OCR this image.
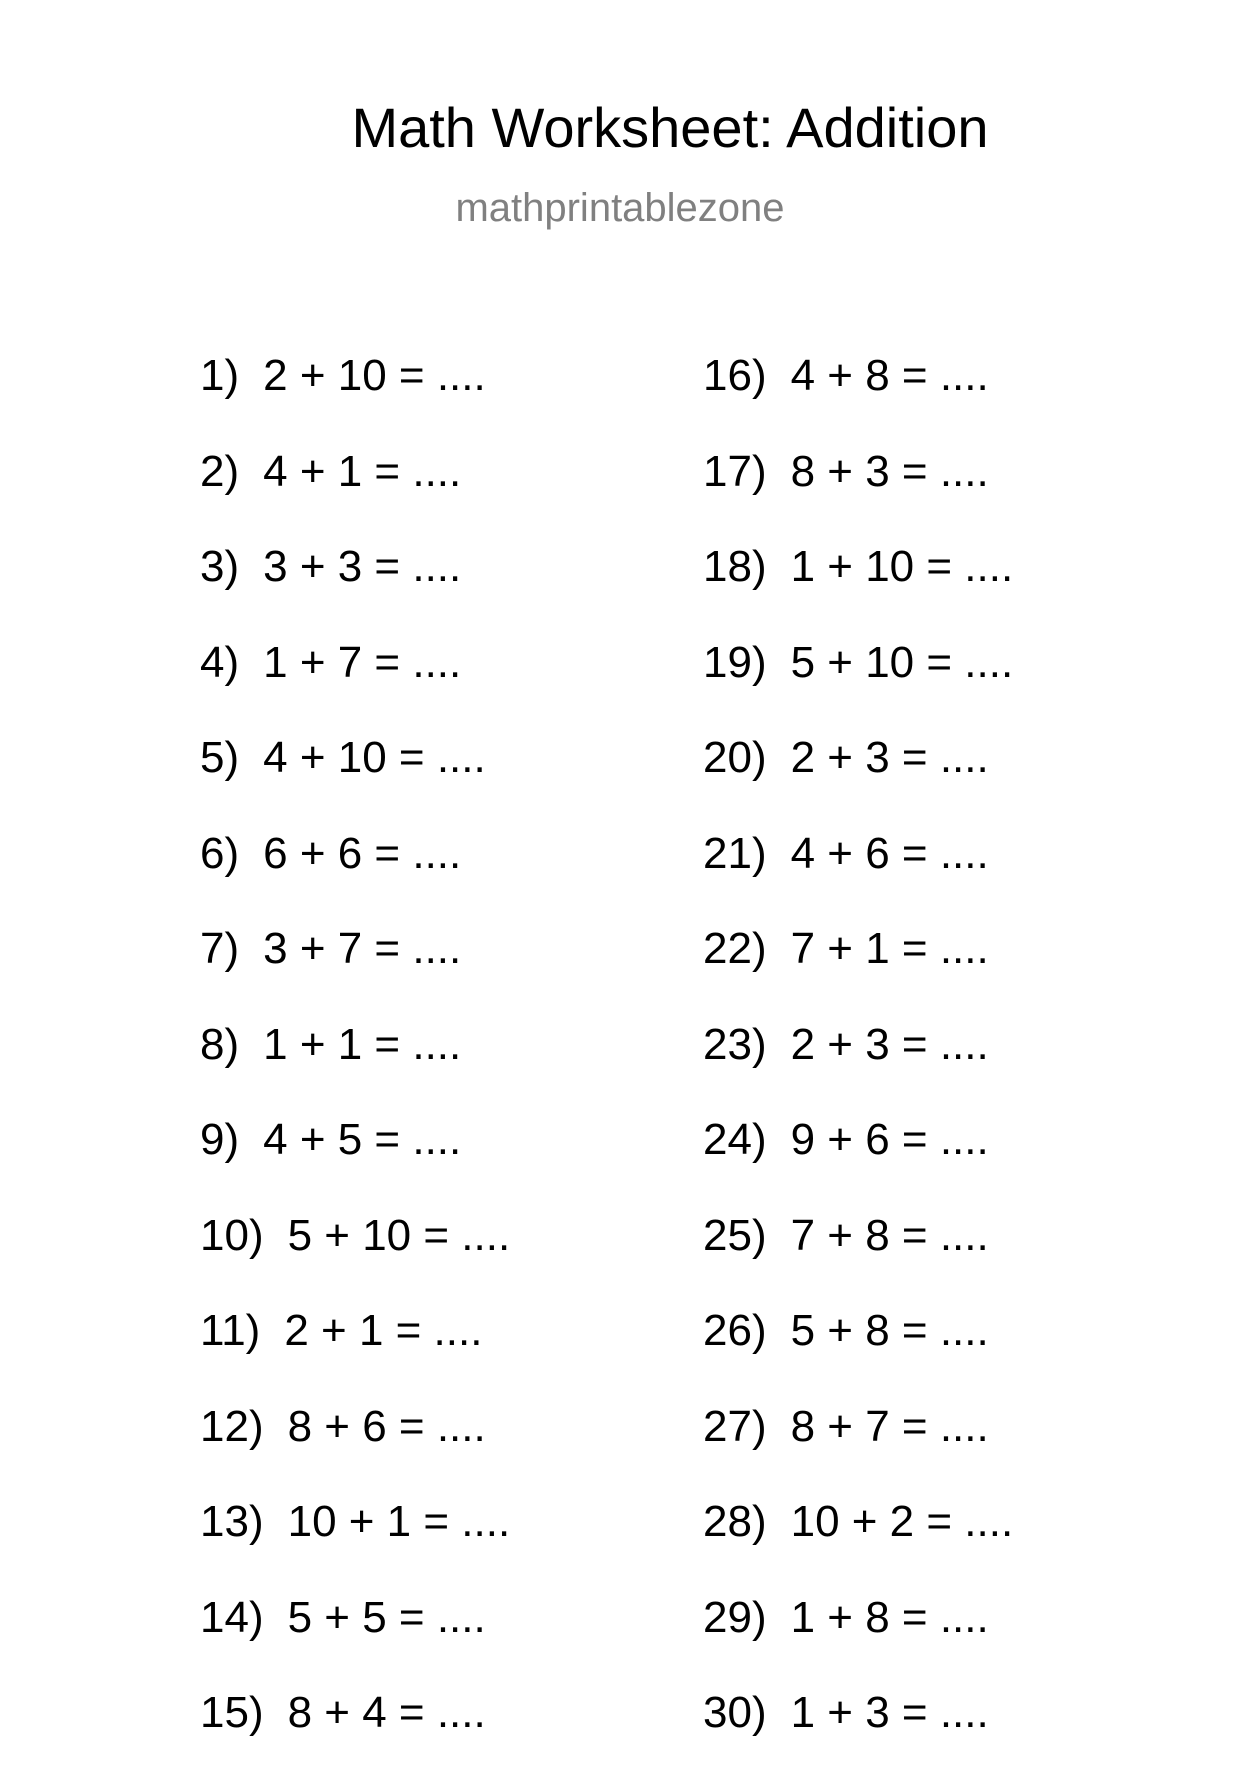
Math Worksheet: Addition
mathprintablezone
1) 2 + 10 = ....
2) 4 + 1 = ....
3) 3 + 3 = ....
4) 1 + 7 = ....
5) 4 + 10 = ....
6) 6 + 6 = ....
7) 3 + 7 = ....
8) 1 + 1 = ....
9) 4 + 5 = ....
10) 5 + 10 = ....
11) 2 + 1 = ....
12) 8 + 6 = ....
13) 10 + 1 = ....
14) 5 + 5 = ....
15) 8 + 4 = ....
16) 4 + 8 = ....
17) 8 + 3 = ....
18) 1 + 10 = ....
19) 5 + 10 = ....
20) 2 + 3 = ....
21) 4 + 6 = ....
22) 7 + 1 = ....
23) 2 + 3 = ....
24) 9 + 6 = ....
25) 7 + 8 = ....
26) 5 + 8 = ....
27) 8 + 7 = ....
28) 10 + 2 = ....
29) 1 + 8 = ....
30) 1 + 3 = ....
